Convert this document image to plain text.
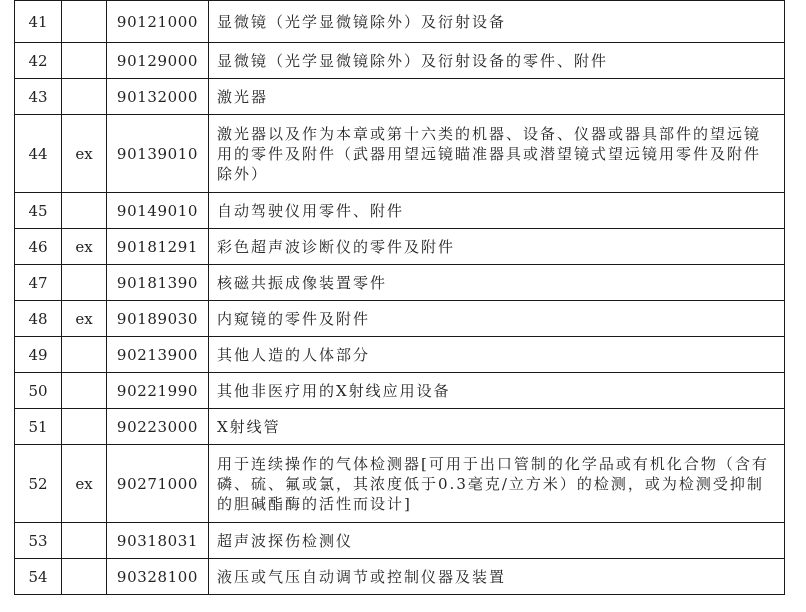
41		90121000	显微镜（光学显微镜除外）及衍射设备

42		90129000	显微镜（光学显微镜除外）及衍射设备的零件、附件

43		90132000	激光器

44	ex	90139010	激光器以及作为本章或第十六类的机器、设备、仪器或器具部件的望远镜用的零件及附件（武器用望远镜瞄准器具或潜望镜式望远镜用零件及附件除外）

45		90149010	自动驾驶仪用零件、附件

46	ex	90181291	彩色超声波诊断仪的零件及附件

47		90181390	核磁共振成像装置零件

48	ex	90189030	内窥镜的零件及附件

49		90213900	其他人造的人体部分

50		90221990	其他非医疗用的X射线应用设备

51		90223000	X射线管

52	ex	90271000	用于连续操作的气体检测器[可用于出口管制的化学品或有机化合物（含有磷、硫、氟或氯，其浓度低于0.3毫克/立方米）的检测，或为检测受抑制的胆碱酯酶的活性而设计]

53		90318031	超声波探伤检测仪

54		90328100	液压或气压自动调节或控制仪器及装置
